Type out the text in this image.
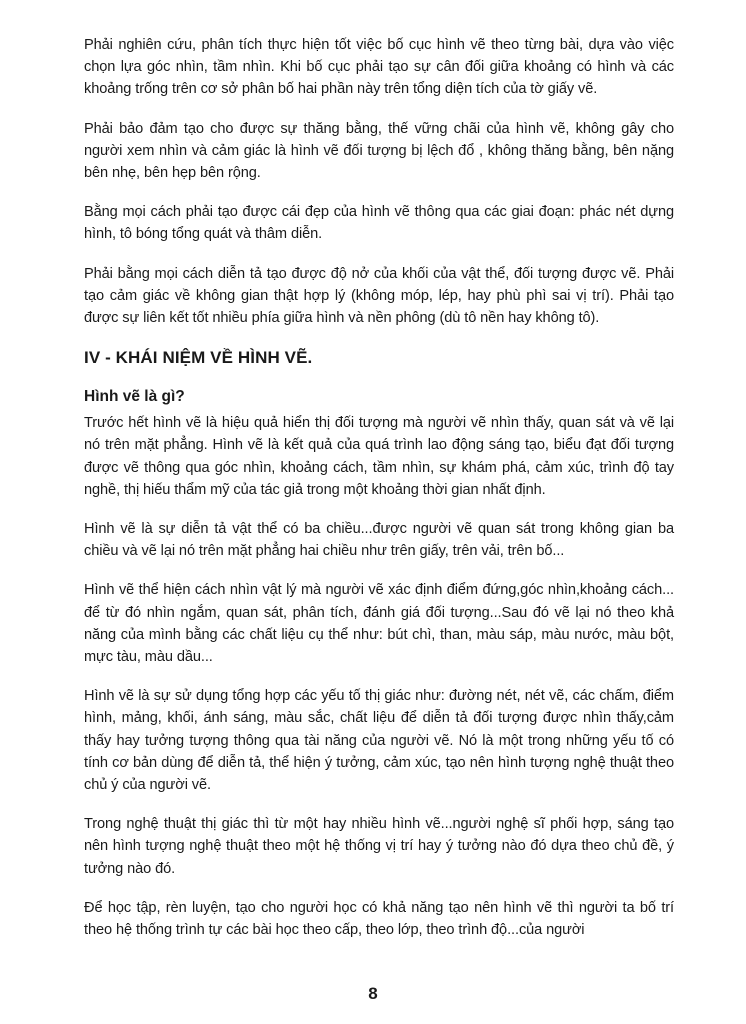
Phải nghiên cứu, phân tích thực hiện tốt việc bố cục hình vẽ theo từng bài, dựa vào việc chọn lựa góc nhìn, tầm nhìn. Khi bố cục phải tạo sự cân đối giữa khoảng có hình và các khoảng trống trên cơ sở phân bố hai phần này trên tổng diện tích của tờ giấy vẽ.

Phải bảo đảm tạo cho được sự thăng bằng, thế vững chãi của hình vẽ, không gây cho người xem nhìn và cảm giác là hình vẽ đối tượng bị lệch đổ , không thăng bằng, bên nặng bên nhẹ, bên hẹp bên rộng.

Bằng mọi cách phải tạo được cái đẹp của hình vẽ thông qua các giai đoạn: phác nét dựng hình, tô bóng tổng quát và thâm diễn.

Phải bằng mọi cách diễn tả tạo được độ nở của khối của vật thể, đối tượng được vẽ. Phải tạo cảm giác về không gian thật hợp lý (không móp, lép, hay phù phì sai vị trí). Phải tạo được sự liên kết tốt nhiều phía giữa hình và nền phông (dù tô nền hay không tô).

IV - KHÁI NIỆM VỀ HÌNH VẼ.
Hình vẽ là gì?

Trước hết hình vẽ là hiệu quả hiển thị đối tượng mà người vẽ nhìn thấy, quan sát và vẽ lại nó trên mặt phẳng. Hình vẽ là kết quả của quá trình lao động sáng tạo, biểu đạt đối tượng được vẽ thông qua góc nhìn, khoảng cách, tầm nhìn, sự khám phá, cảm xúc, trình độ tay nghề, thị hiếu thẩm mỹ của tác giả trong một khoảng thời gian nhất định.

Hình vẽ là sự diễn tả vật thể có ba chiều...được người vẽ quan sát trong không gian ba chiều và vẽ lại nó trên mặt phẳng hai chiều như trên giấy, trên vải, trên bố...

Hình vẽ thể hiện cách nhìn vật lý mà người vẽ xác định điểm đứng,góc nhìn,khoảng cách... để từ đó nhìn ngắm, quan sát, phân tích, đánh giá đối tượng...Sau đó vẽ lại nó theo khả năng của mình bằng các chất liệu cụ thể như: bút chì, than, màu sáp, màu nước, màu bột, mực tàu, màu dầu...

Hình vẽ là sự sử dụng tổng hợp các yếu tố thị giác như: đường nét, nét vẽ, các chấm, điểm hình, mảng, khối, ánh sáng, màu sắc, chất liệu để diễn tả đối tượng được nhìn thấy,cảm thấy hay tưởng tượng thông qua tài năng của người vẽ. Nó là một trong những yếu tố có tính cơ bản dùng để diễn tả, thể hiện ý tưởng, cảm xúc, tạo nên hình tượng nghệ thuật theo chủ ý của người vẽ.

Trong nghệ thuật thị giác thì từ một hay nhiều hình vẽ...người nghệ sĩ phối hợp, sáng tạo nên hình tượng nghệ thuật theo một hệ thống vị trí hay ý tưởng nào đó dựa theo chủ đề, ý tưởng nào đó.

Để học tập, rèn luyện, tạo cho người học có khả năng tạo nên hình vẽ thì người ta bố trí theo hệ thống trình tự các bài học theo cấp, theo lớp, theo trình độ...của người

8
